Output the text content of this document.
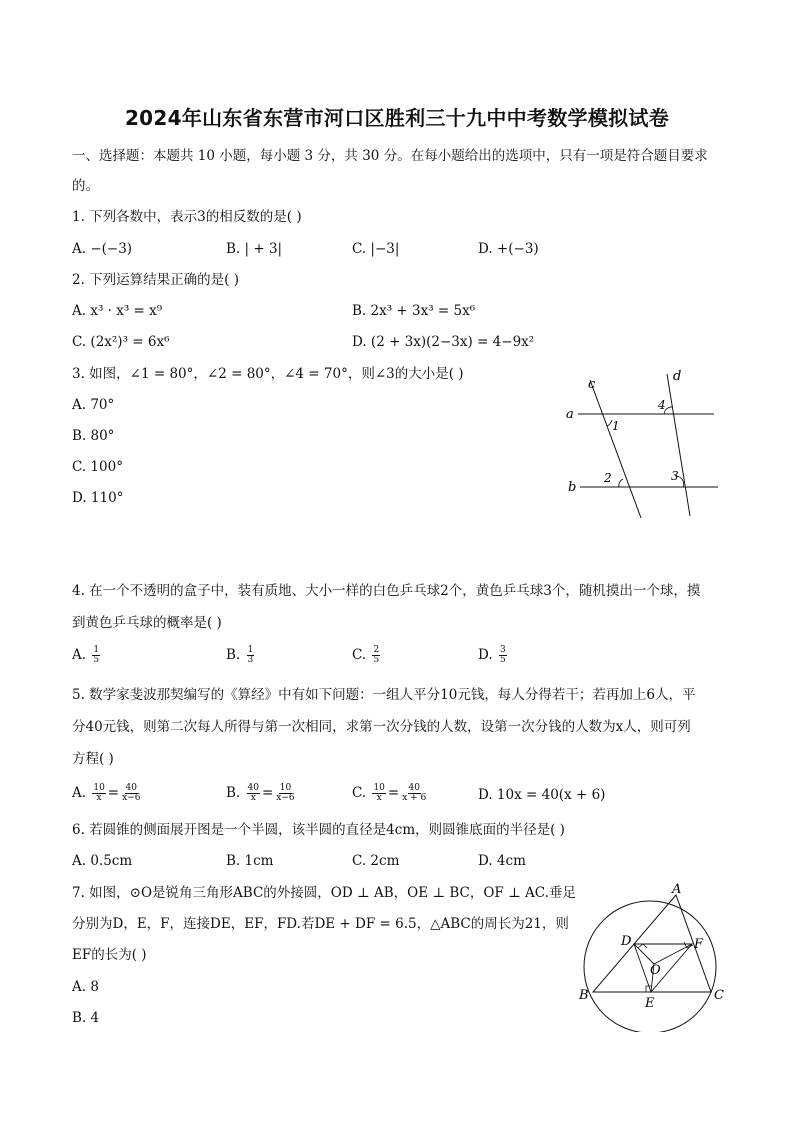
2024年山东省东营市河口区胜利三十九中中考数学模拟试卷
一、选择题：本题共 10 小题，每小题 3 分，共 30 分。在每小题给出的选项中，只有一项是符合题目要求
的。
1. 下列各数中，表示3的相反数的是( )
A. −(−3)	B. | + 3|	C. |−3|	D. +(−3)
2. 下列运算结果正确的是( )
A. x³ · x³ = x⁹	B. 2x³ + 3x³ = 5x⁶
C. (2x²)³ = 6x⁶	D. (2 + 3x)(2−3x) = 4−9x²
3. 如图，∠1 = 80°，∠2 = 80°，∠4 = 70°，则∠3的大小是( )
A. 70°
B. 80°
C. 100°
D. 110°
c
d
a
b
1
2	3
4
4. 在一个不透明的盒子中，装有质地、大小一样的白色乒乓球2个，黄色乒乓球3个，随机摸出一个球，摸
到黄色乒乓球的概率是( )
A. $\frac{1}{5}$	B. $\frac{1}{3}$	C. $\frac{2}{5}$	D. $\frac{3}{5}$
5. 数学家斐波那契编写的《算经》中有如下问题：一组人平分10元钱，每人分得若干；若再加上6人，平
分40元钱，则第二次每人所得与第一次相同，求第一次分钱的人数，设第一次分钱的人数为x人，则可列
方程( )
A. $\frac{10}{x} = \frac{40}{x-6}$	B. $\frac{40}{x} = \frac{10}{x-6}$	C. $\frac{10}{x} = \frac{40}{x + 6}$	D. 10x = 40(x + 6)
6. 若圆锥的侧面展开图是一个半圆，该半圆的直径是4cm，则圆锥底面的半径是( )
A. 0.5cm	B. 1cm	C. 2cm	D. 4cm
7. 如图，⊙O是锐角三角形ABC的外接圆，OD ⊥ AB，OE ⊥ BC，OF ⊥ AC.垂足
分别为D，E，F，连接DE，EF，FD.若DE + DF = 6.5，△ABC的周长为21，则
EF的长为( )
A. 8
B. 4
A
B	C
D
E
F
O
